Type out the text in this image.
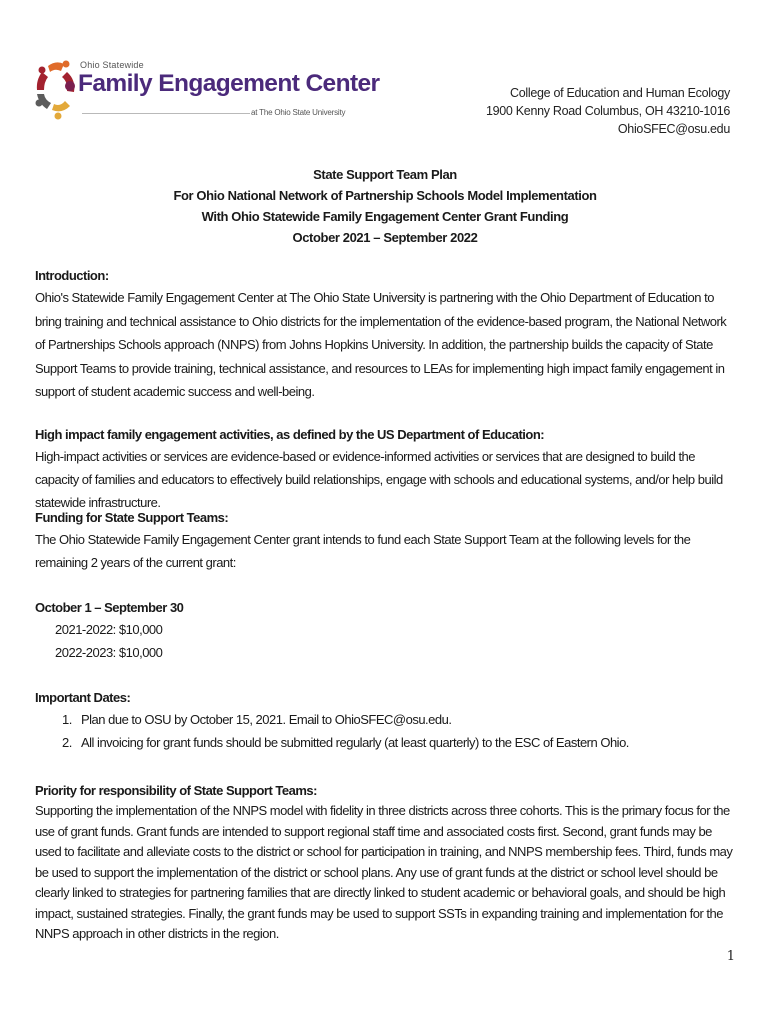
Ohio Statewide
Family Engagement Center
at The Ohio State University
College of Education and Human Ecology
1900 Kenny Road Columbus, OH 43210-1016
OhioSFEC@osu.edu
State Support Team Plan
For Ohio National Network of Partnership Schools Model Implementation
With Ohio Statewide Family Engagement Center Grant Funding
October 2021 – September 2022
Introduction:
Ohio's Statewide Family Engagement Center at The Ohio State University is partnering with the Ohio Department of Education to bring training and technical assistance to Ohio districts for the implementation of the evidence-based program, the National Network of Partnerships Schools approach (NNPS) from Johns Hopkins University. In addition, the partnership builds the capacity of State Support Teams to provide training, technical assistance, and resources to LEAs for implementing high impact family engagement in support of student academic success and well-being.
High impact family engagement activities, as defined by the US Department of Education:
High-impact activities or services are evidence-based or evidence-informed activities or services that are designed to build the capacity of families and educators to effectively build relationships, engage with schools and educational systems, and/or help build statewide infrastructure.
Funding for State Support Teams:
The Ohio Statewide Family Engagement Center grant intends to fund each State Support Team at the following levels for the remaining 2 years of the current grant:
October 1 – September 30
2021-2022: $10,000
2022-2023: $10,000
Important Dates:
1. Plan due to OSU by October 15, 2021. Email to OhioSFEC@osu.edu.
2. All invoicing for grant funds should be submitted regularly (at least quarterly) to the ESC of Eastern Ohio.
Priority for responsibility of State Support Teams:
Supporting the implementation of the NNPS model with fidelity in three districts across three cohorts. This is the primary focus for the use of grant funds. Grant funds are intended to support regional staff time and associated costs first. Second, grant funds may be used to facilitate and alleviate costs to the district or school for participation in training, and NNPS membership fees. Third, funds may be used to support the implementation of the district or school plans. Any use of grant funds at the district or school level should be clearly linked to strategies for partnering families that are directly linked to student academic or behavioral goals, and should be high impact, sustained strategies. Finally, the grant funds may be used to support SSTs in expanding training and implementation for the NNPS approach in other districts in the region.
1
